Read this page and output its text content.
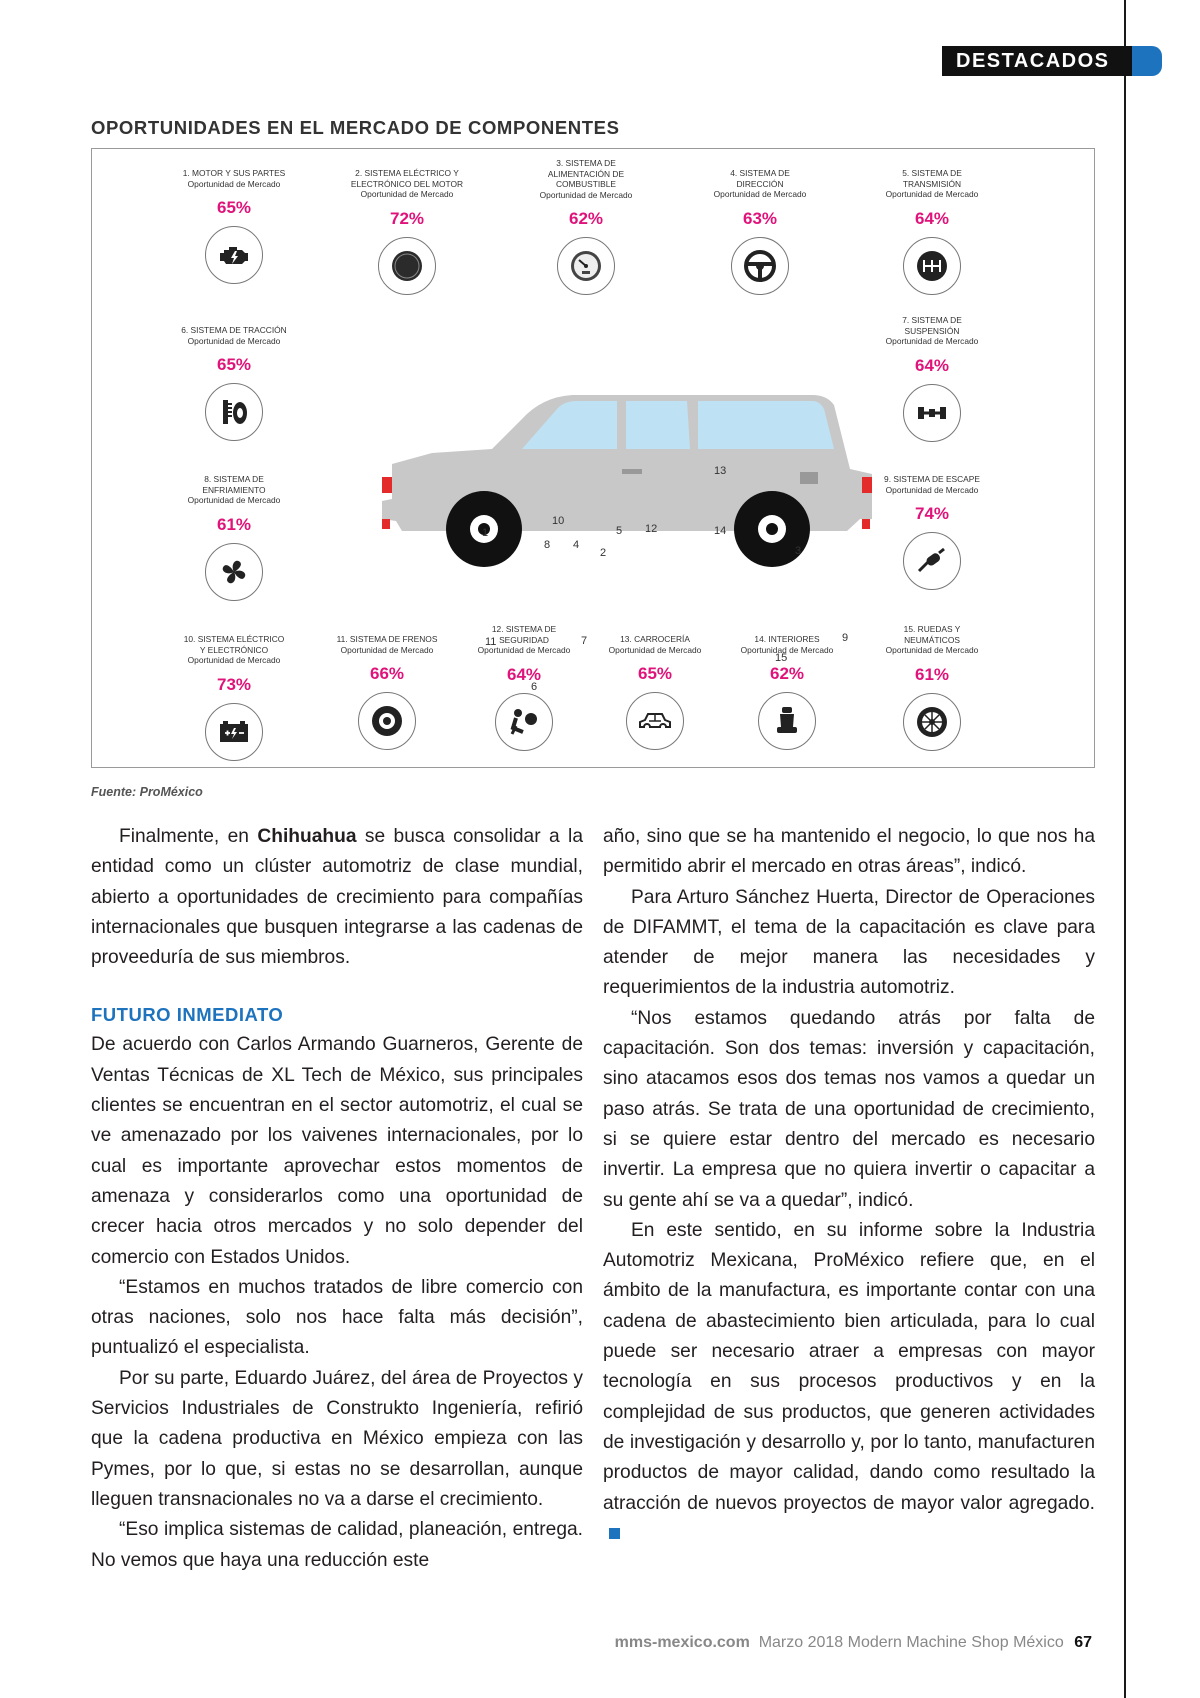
DESTACADOS
OPORTUNIDADES EN EL MERCADO DE COMPONENTES
1. MOTOR Y SUS PARTES
Oportunidad de Mercado
65%
2. SISTEMA ELÉCTRICO Y
ELECTRÓNICO DEL MOTOR
Oportunidad de Mercado
72%
3. SISTEMA DE
ALIMENTACIÓN DE
COMBUSTIBLE
Oportunidad de Mercado
62%
4. SISTEMA DE
DIRECCIÓN
Oportunidad de Mercado
63%
5. SISTEMA DE
TRANSMISIÓN
Oportunidad de Mercado
64%
6. SISTEMA DE TRACCIÓN
Oportunidad de Mercado
65%
7. SISTEMA DE
SUSPENSIÓN
Oportunidad de Mercado
64%
8. SISTEMA DE
ENFRIAMIENTO
Oportunidad de Mercado
61%
9. SISTEMA DE ESCAPE
Oportunidad de Mercado
74%
10. SISTEMA ELÉCTRICO
Y ELECTRÓNICO
Oportunidad de Mercado
73%
11. SISTEMA DE FRENOS
Oportunidad de Mercado
66%
12. SISTEMA DE
SEGURIDAD
Oportunidad de Mercado
64%
13. CARROCERÍA
Oportunidad de Mercado
65%
14. INTERIORES
Oportunidad de Mercado
62%
15. RUEDAS Y
NEUMÁTICOS
Oportunidad de Mercado
61%
1
2	3
4
5
6
7
8
9
10
11
12
13
14
15
Fuente: ProMéxico

Finalmente, en Chihuahua se busca consolidar a la entidad como un clúster automotriz de clase mundial, abierto a oportunidades de crecimiento para compañías internacionales que busquen integrarse a las cadenas de proveeduría de sus miembros.

FUTURO INMEDIATO

De acuerdo con Carlos Armando Guarneros, Gerente de Ventas Técnicas de XL Tech de México, sus principales clientes se encuentran en el sector automotriz, el cual se ve amenazado por los vaivenes internacionales, por lo cual es importante aprovechar estos momentos de amenaza y considerarlos como una oportunidad de crecer hacia otros mercados y no solo depender del comercio con Estados Unidos.

“Estamos en muchos tratados de libre comercio con otras naciones, solo nos hace falta más decisión”, puntualizó el especialista.

Por su parte, Eduardo Juárez, del área de Proyectos y Servicios Industriales de Construkto Ingeniería, refirió que la cadena productiva en México empieza con las Pymes, por lo que, si estas no se desarrollan, aunque lleguen transnacionales no va a darse el crecimiento.

“Eso implica sistemas de calidad, planeación, entrega. No vemos que haya una reducción este

año, sino que se ha mantenido el negocio, lo que nos ha permitido abrir el mercado en otras áreas”, indicó.

Para Arturo Sánchez Huerta, Director de Operaciones de DIFAMMT, el tema de la capacitación es clave para atender de mejor manera las necesidades y requerimientos de la industria automotriz.

“Nos estamos quedando atrás por falta de capacitación. Son dos temas: inversión y capacitación, sino atacamos esos dos temas nos vamos a quedar un paso atrás. Se trata de una oportunidad de crecimiento, si se quiere estar dentro del mercado es necesario invertir. La empresa que no quiera invertir o capacitar a su gente ahí se va a quedar”, indicó.

En este sentido, en su informe sobre la Industria Automotriz Mexicana, ProMéxico refiere que, en el ámbito de la manufactura, es importante contar con una cadena de abastecimiento bien articulada, para lo cual puede ser necesario atraer a empresas con mayor tecnología en sus procesos productivos y en la complejidad de sus productos, que generen actividades de investigación y desarrollo y, por lo tanto, manufacturen productos de mayor calidad, dando como resultado la atracción de nuevos proyectos de mayor valor agregado.

mms-mexico.com Marzo 2018 Modern Machine Shop México 67
